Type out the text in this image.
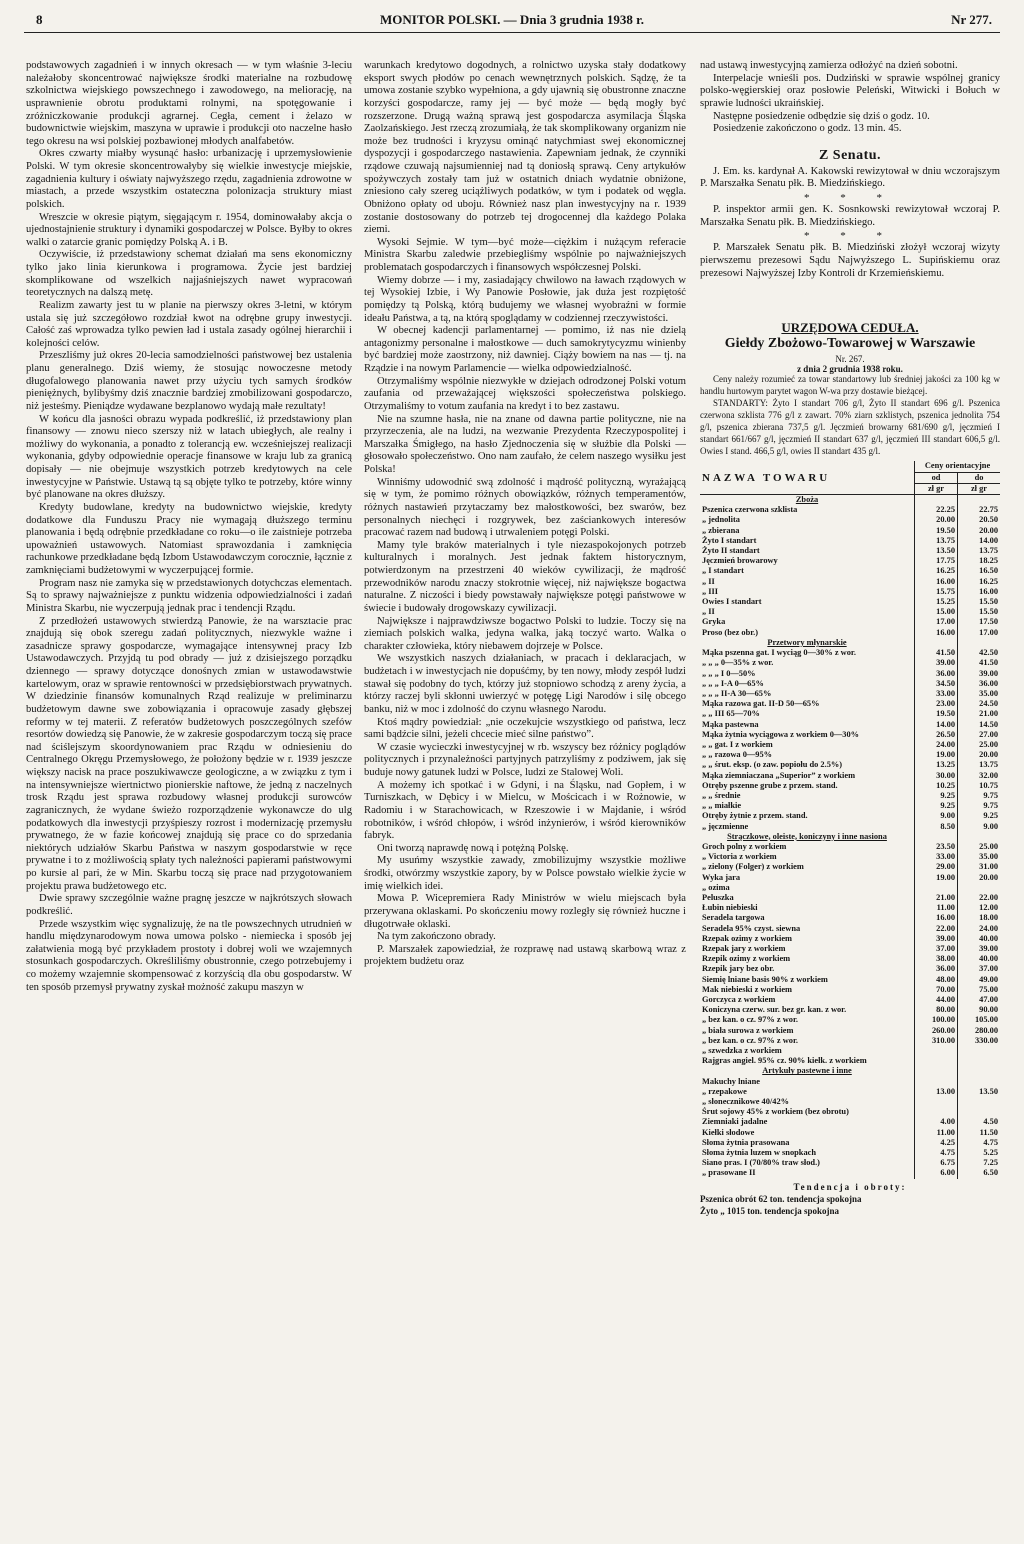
8	MONITOR POLSKI. — Dnia 3 grudnia 1938 r.	Nr 277.

podstawowych zagadnień i w innych okresach — w tym właśnie 3-leciu należałoby skoncentrować największe środki materialne na rozbudowę szkolnictwa wiejskiego powszechnego i zawodowego, na meliorację, na usprawnienie obrotu produktami rolnymi, na spotęgowanie i zróżniczkowanie produkcji agrarnej. Cegła, cement i żelazo w budownictwie wiejskim, maszyna w uprawie i produkcji oto naczelne hasło tego okresu na wsi polskiej pozbawionej młodych analfabetów.

Okres czwarty miałby wysunąć hasło: urbanizację i uprzemysłowienie Polski. W tym okresie skoncentrowałyby się wielkie inwestycje miejskie, zagadnienia kultury i oświaty najwyższego rzędu, zagadnienia zdrowotne w miastach, a przede wszystkim ostateczna polonizacja struktury miast polskich.

Wreszcie w okresie piątym, sięgającym r. 1954, dominowałaby akcja o ujednostajnienie struktury i dynamiki gospodarczej w Polsce. Byłby to okres walki o zatarcie granic pomiędzy Polską A. i B.

Oczywiście, iż przedstawiony schemat działań ma sens ekonomiczny tylko jako linia kierunkowa i programowa. Życie jest bardziej skomplikowane od wszelkich najjaśniejszych nawet wypracowań teoretycznych na dalszą metę.

Realizm zawarty jest tu w planie na pierwszy okres 3-letni, w którym ustala się już szczegółowo rozdział kwot na odrębne grupy inwestycji. Całość zaś wprowadza tylko pewien ład i ustala zasady ogólnej hierarchii i kolejności celów.

Przeszliśmy już okres 20-lecia samodzielności państwowej bez ustalenia planu generalnego. Dziś wiemy, że stosując nowoczesne metody długofalowego planowania nawet przy użyciu tych samych środków pieniężnych, bylibyśmy dziś znacznie bardziej zmobilizowani gospodarczo, niż jesteśmy. Pieniądze wydawane bezplanowo wydają małe rezultaty!

W końcu dla jasności obrazu wypada podkreślić, iż przedstawiony plan finansowy — znowu nieco szerszy niż w latach ubiegłych, ale realny i możliwy do wykonania, a ponadto z tolerancją ew. wcześniejszej realizacji wykonania, gdyby odpowiednie operacje finansowe w kraju lub za granicą dopisały — nie obejmuje wszystkich potrzeb kredytowych na cele inwestycyjne w Państwie. Ustawą tą są objęte tylko te potrzeby, które winny być planowane na okres dłuższy.

Kredyty budowlane, kredyty na budownictwo wiejskie, kredyty dodatkowe dla Funduszu Pracy nie wymagają dłuższego terminu planowania i będą odrębnie przedkładane co roku—o ile zaistnieje potrzeba upoważnień ustawowych. Natomiast sprawozdania i zamknięcia rachunkowe przedkładane będą Izbom Ustawodawczym corocznie, łącznie z zamknięciami budżetowymi w wyczerpującej formie.

Program nasz nie zamyka się w przedstawionych dotychczas elementach. Są to sprawy najważniejsze z punktu widzenia odpowiedzialności i zadań Ministra Skarbu, nie wyczerpują jednak prac i tendencji Rządu.

Z przedłożeń ustawowych stwierdzą Panowie, że na warsztacie prac znajdują się obok szeregu zadań politycznych, niezwykle ważne i zasadnicze sprawy gospodarcze, wymagające intensywnej pracy Izb Ustawodawczych. Przyjdą tu pod obrady — już z dzisiejszego porządku dziennego — sprawy dotyczące donośnych zmian w ustawodawstwie kartelowym, oraz w sprawie rentowności w przedsiębiorstwach prywatnych. W dziedzinie finansów komunalnych Rząd realizuje w preliminarzu budżetowym dawne swe zobowiązania i opracowuje zasady głębszej reformy w tej materii. Z referatów budżetowych poszczególnych szefów resortów dowiedzą się Panowie, że w zakresie gospodarczym toczą się prace nad ściślejszym skoordynowaniem prac Rządu w odniesieniu do Centralnego Okręgu Przemysłowego, że położony będzie w r. 1939 jeszcze większy nacisk na prace poszukiwawcze geologiczne, a w związku z tym i na intensywniejsze wiertnictwo pionierskie naftowe, że jedną z naczelnych trosk Rządu jest sprawa rozbudowy własnej produkcji surowców zagranicznych, że wydane świeżo rozporządzenie wykonawcze do ulg podatkowych dla inwestycji przyśpieszy rozrost i modernizację przemysłu prywatnego, że w fazie końcowej znajdują się prace co do sprzedania niektórych udziałów Skarbu Państwa w naszym gospodarstwie w ręce prywatne i to z możliwością spłaty tych należności papierami państwowymi po kursie al pari, że w Min. Skarbu toczą się prace nad przygotowaniem projektu prawa budżetowego etc.

Dwie sprawy szczególnie ważne pragnę jeszcze w najkrótszych słowach podkreślić.

Przede wszystkim więc sygnalizuję, że na tle powszechnych utrudnień w handlu międzynarodowym nowa umowa polsko - niemiecka i sposób jej załatwienia mogą być przykładem prostoty i dobrej woli we wzajemnych stosunkach gospodarczych. Określiliśmy obustronnie, czego potrzebujemy i co możemy wzajemnie skompensować z korzyścią dla obu gospodarstw. W ten sposób przemysł prywatny zyskał możność zakupu maszyn w

warunkach kredytowo dogodnych, a rolnictwo uzyska stały dodatkowy eksport swych płodów po cenach wewnętrznych polskich. Sądzę, że ta umowa zostanie szybko wypełniona, a gdy ujawnią się obustronne znaczne korzyści gospodarcze, ramy jej — być może — będą mogły być rozszerzone. Drugą ważną sprawą jest gospodarcza asymilacja Śląska Zaolzańskiego. Jest rzeczą zrozumiałą, że tak skomplikowany organizm nie może bez trudności i kryzysu ominąć natychmiast swej ekonomicznej dyspozycji i gospodarczego nastawienia. Zapewniam jednak, że czynniki rządowe czuwają najsumienniej nad tą doniosłą sprawą. Ceny artykułów spożywczych zostały tam już w ostatnich dniach wydatnie obniżone, zniesiono cały szereg uciążliwych podatków, w tym i podatek od węgla. Obniżono opłaty od uboju. Również nasz plan inwestycyjny na r. 1939 zostanie dostosowany do potrzeb tej drogocennej dla każdego Polaka ziemi.

Wysoki Sejmie. W tym—być może—ciężkim i nużącym referacie Ministra Skarbu zaledwie przebiegliśmy wspólnie po najważniejszych problematach gospodarczych i finansowych współczesnej Polski.

Wiemy dobrze — i my, zasiadający chwilowo na ławach rządowych w tej Wysokiej Izbie, i Wy Panowie Posłowie, jak duża jest rozpiętość pomiędzy tą Polską, którą budujemy we własnej wyobraźni w formie ideału Państwa, a tą, na którą spoglądamy w codziennej rzeczywistości.

W obecnej kadencji parlamentarnej — pomimo, iż nas nie dzielą antagonizmy personalne i małostkowe — duch samokrytycyzmu winienby być bardziej może zaostrzony, niż dawniej. Ciąży bowiem na nas — tj. na Rządzie i na nowym Parlamencie — wielka odpowiedzialność.

Otrzymaliśmy wspólnie niezwykłe w dziejach odrodzonej Polski votum zaufania od przeważającej większości społeczeństwa polskiego. Otrzymaliśmy to votum zaufania na kredyt i to bez zastawu.

Nie na szumne hasła, nie na znane od dawna partie polityczne, nie na przyrzeczenia, ale na ludzi, na wezwanie Prezydenta Rzeczypospolitej i Marszałka Śmigłego, na hasło Zjednoczenia się w służbie dla Polski — głosowało społeczeństwo. Ono nam zaufało, że celem naszego wysiłku jest Polska!

Winniśmy udowodnić swą zdolność i mądrość polityczną, wyrażającą się w tym, że pomimo różnych obowiązków, różnych temperamentów, różnych nastawień przytaczamy bez małostkowości, bez swarów, bez personalnych niechęci i rozgrywek, bez zaściankowych interesów pracować razem nad budową i utrwaleniem potęgi Polski.

Mamy tyle braków materialnych i tyle niezaspokojonych potrzeb kulturalnych i moralnych. Jest jednak faktem historycznym, potwierdzonym na przestrzeni 40 wieków cywilizacji, że mądrość przewodników narodu znaczy stokrotnie więcej, niż największe bogactwa naturalne. Z niczości i biedy powstawały największe potęgi państwowe w świecie i budowały drogowskazy cywilizacji.

Największe i najprawdziwsze bogactwo Polski to ludzie. Toczy się na ziemiach polskich walka, jedyna walka, jaką toczyć warto. Walka o charakter człowieka, który niebawem dojrzeje w Polsce.

We wszystkich naszych działaniach, w pracach i deklaracjach, w budżetach i w inwestycjach nie dopuśćmy, by ten nowy, młody zespół ludzi stawał się podobny do tych, którzy już stopniowo schodzą z areny życia, a którzy raczej byli skłonni uwierzyć w potęgę Ligi Narodów i silę obcego banku, niż w moc i zdolność do czynu własnego Narodu.

Ktoś mądry powiedział: „nie oczekujcie wszystkiego od państwa, lecz sami bądźcie silni, jeżeli chcecie mieć silne państwo”.

W czasie wycieczki inwestycyjnej w rb. wszyscy bez różnicy poglądów politycznych i przynależności partyjnych patrzyliśmy z podziwem, jak się buduje nowy gatunek ludzi w Polsce, ludzi ze Stalowej Woli.

A możemy ich spotkać i w Gdyni, i na Śląsku, nad Gopłem, i w Turniszkach, w Dębicy i w Mielcu, w Mościcach i w Rożnowie, w Radomiu i w Starachowicach, w Rzeszowie i w Majdanie, i wśród robotników, i wśród chłopów, i wśród inżynierów, i wśród kierowników fabryk.

Oni tworzą naprawdę nową i potężną Polskę.

My usuńmy wszystkie zawady, zmobilizujmy wszystkie możliwe środki, otwórzmy wszystkie zapory, by w Polsce powstało wielkie życie w imię wielkich idei.

Mowa P. Wicepremiera Rady Ministrów w wielu miejscach była przerywana oklaskami. Po skończeniu mowy rozległy się również huczne i długotrwałe oklaski.

Na tym zakończono obrady.

P. Marszałek zapowiedział, że rozprawę nad ustawą skarbową wraz z projektem budżetu oraz

nad ustawą inwestycyjną zamierza odłożyć na dzień sobotni.

Interpelacje wnieśli pos. Dudziński w sprawie wspólnej granicy polsko-węgierskiej oraz posłowie Peleński, Witwicki i Bołuch w sprawie ludności ukraińskiej.

Następne posiedzenie odbędzie się dziś o godz. 10.

Posiedzenie zakończono o godz. 13 min. 45.

Z Senatu.

J. Em. ks. kardynał A. Kakowski rewizytował w dniu wczorajszym P. Marszałka Senatu płk. B. Miedzińskiego.

* * *

P. inspektor armii gen. K. Sosnkowski rewizytował wczoraj P. Marszałka Senatu płk. B. Miedzińskiego.

* * *

P. Marszałek Senatu płk. B. Miedziński złożył wczoraj wizyty pierwszemu prezesowi Sądu Najwyższego L. Supińskiemu oraz prezesowi Najwyższej Izby Kontroli dr Krzemieńskiemu.

URZĘDOWA CEDUŁA.
Giełdy Zbożowo-Towarowej w Warszawie
Nr. 267.
z dnia 2 grudnia 1938 roku.

Ceny należy rozumieć za towar standartowy lub średniej jakości za 100 kg w handlu hurtowym parytet wagon W-wa przy dostawie bieżącej.

STANDARTY: Żyto I standart 706 g/l, Żyto II standart 696 g/l. Pszenica czerwona szklista 776 g/l z zawart. 70% ziarn szklistych, pszenica jednolita 754 g/l, pszenica zbierana 737,5 g/l. Jęczmień browarny 681/690 g/l, jęczmień I standart 661/667 g/l, jęczmień II standart 637 g/l, jęczmień III standart 606,5 g/l. Owies I stand. 466,5 g/l, owies II standart 435 g/l.

NAZWA TOWARU	Ceny orientacyjne	
	od	do
	zł gr	zł gr
Zboża		
Pszenica czerwona szklista	22.25	22.75
„ jednolita	20.00	20.50
„ zbierana	19.50	20.00
Żyto I standart	13.75	14.00
Żyto II standart	13.50	13.75
Jęczmień browarowy	17.75	18.25
„ I standart	16.25	16.50
„ II	16.00	16.25
„ III	15.75	16.00
Owies I standart	15.25	15.50
„ II	15.00	15.50
Gryka	17.00	17.50
Proso (bez obr.)	16.00	17.00
Przetwory młynarskie		
Mąka pszenna gat. I wyciąg 0—30% z wor.	41.50	42.50
„ „ „ 0—35% z wor.	39.00	41.50
„ „ „ I 0—50%	36.00	39.00
„ „ „ I-A 0—65%	34.50	36.00
„ „ „ II-A 30—65%	33.00	35.00
Mąka razowa gat. II-D 50—65%	23.00	24.50
„ „ III 65—70%	19.50	21.00
Mąka pastewna	14.00	14.50
Mąka żytnia wyciągowa z workiem 0—30%	26.50	27.00
„ „ gat. I z workiem	24.00	25.00
„ „ razowa 0—95%	19.00	20.00
„ „ śrut. eksp. (o zaw. popiołu do 2.5%)	13.25	13.75
Mąka ziemniaczana „Superior” z workiem	30.00	32.00
Otręby pszenne grube z przem. stand.	10.25	10.75
„ „ średnie	9.25	9.75
„ „ miałkie	9.25	9.75
Otręby żytnie z przem. stand.	9.00	9.25
„ jęczmienne	8.50	9.00
Strączkowe, oleiste, koniczyny i inne nasiona		
Groch polny z workiem	23.50	25.00
„ Victoria z workiem	33.00	35.00
„ zielony (Folger) z workiem	29.00	31.00
Wyka jara	19.00	20.00
„ ozima		
Peluszka	21.00	22.00
Łubin niebieski	11.00	12.00
Seradela targowa	16.00	18.00
Seradela 95% czyst. siewna	22.00	24.00
Rzepak ozimy z workiem	39.00	40.00
Rzepak jary z workiem	37.00	39.00
Rzepik ozimy z workiem	38.00	40.00
Rzepik jary bez obr.	36.00	37.00
Siemię lniane basis 90% z workiem	48.00	49.00
Mak niebieski z workiem	70.00	75.00
Gorczyca z workiem	44.00	47.00
Koniczyna czerw. sur. bez gr. kan. z wor.	80.00	90.00
„ bez kan. o cz. 97% z wor.	100.00	105.00
„ biała surowa z workiem	260.00	280.00
„ bez kan. o cz. 97% z wor.	310.00	330.00
„ szwedzka z workiem		
Rajgras angiel. 95% cz. 90% kiełk. z workiem		
Artykuły pastewne i inne		
Makuchy lniane		
„ rzepakowe	13.00	13.50
„ słonecznikowe 40/42%		
Śrut sojowy 45% z workiem (bez obrotu)		
Ziemniaki jadalne	4.00	4.50
Kiełki słodowe	11.00	11.50
Słoma żytnia prasowana	4.25	4.75
Słoma żytnia luzem w snopkach	4.75	5.25
Siano pras. I (70/80% traw słod.)	6.75	7.25
„ prasowane II	6.00	6.50
Tendencja i obroty:
Pszenica obrót 62 ton. tendencja spokojna
Żyto „ 1015 ton. tendencja spokojna
